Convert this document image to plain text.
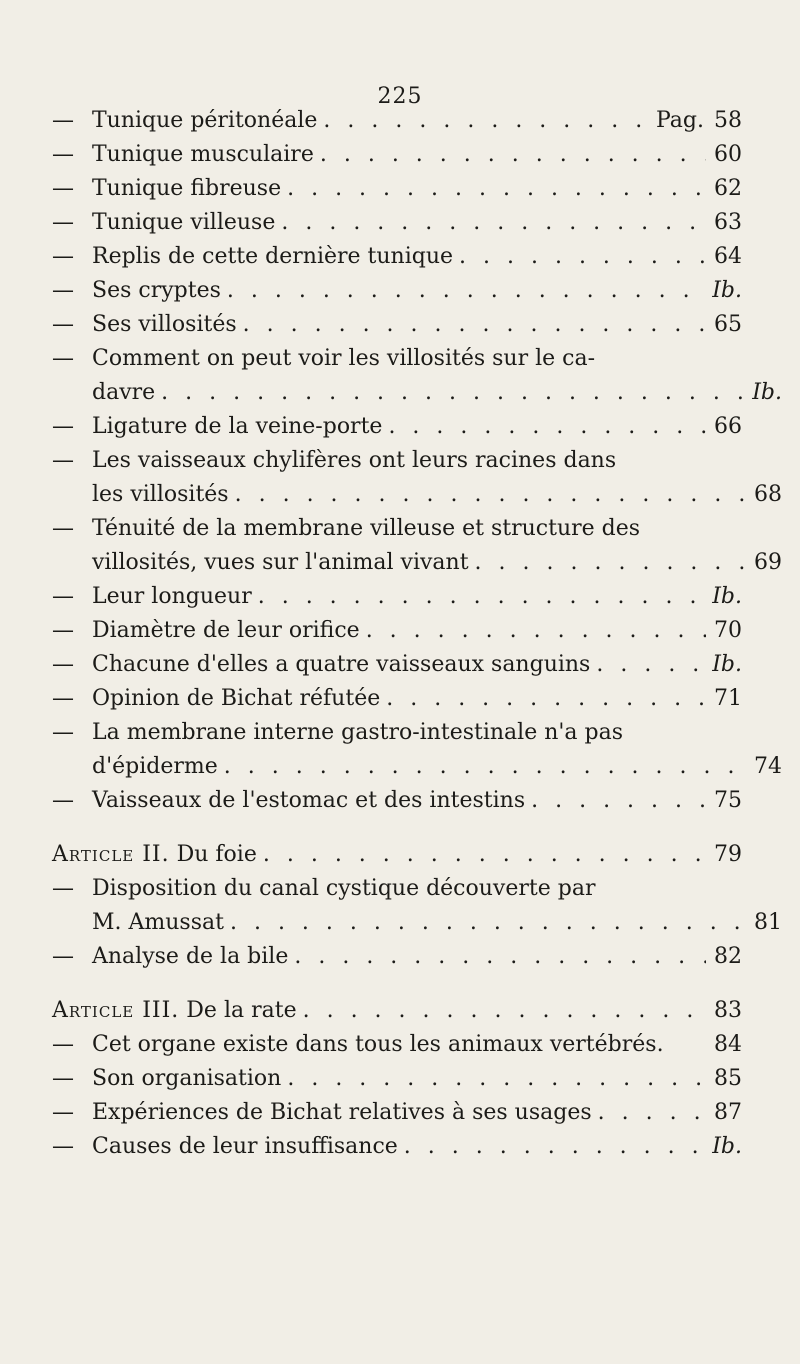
225
— Tunique péritonéale . . .	Pag. 58
— Tunique musculaire . . .	60
— Tunique fibreuse . . .	62
— Tunique villeuse . . .	63
— Replis de cette dernière tunique . . .	64
— Ses cryptes . . .	Ib.
— Ses villosités . . .	65
— Comment on peut voir les villosités sur le ca-
davre . . .	Ib.
— Ligature de la veine-porte . . .	66
— Les vaisseaux chylifères ont leurs racines dans
les villosités . . .	68
— Ténuité de la membrane villeuse et structure des
villosités, vues sur l'animal vivant . . .	69
— Leur longueur . . .	Ib.
— Diamètre de leur orifice . . .	70
— Chacune d'elles a quatre vaisseaux sanguins . . .	Ib.
— Opinion de Bichat réfutée . . .	71
— La membrane interne gastro-intestinale n'a pas
d'épiderme . . .	74
— Vaisseaux de l'estomac et des intestins . . .	75
Article II. Du foie . . .	79
— Disposition du canal cystique découverte par
M. Amussat . . .	81
— Analyse de la bile . . .	82
Article III. De la rate . . .	83
— Cet organe existe dans tous les animaux vertébrés. 84
— Son organisation . . .	85
— Expériences de Bichat relatives à ses usages . . .	87
— Causes de leur insuffisance . . .	Ib.
